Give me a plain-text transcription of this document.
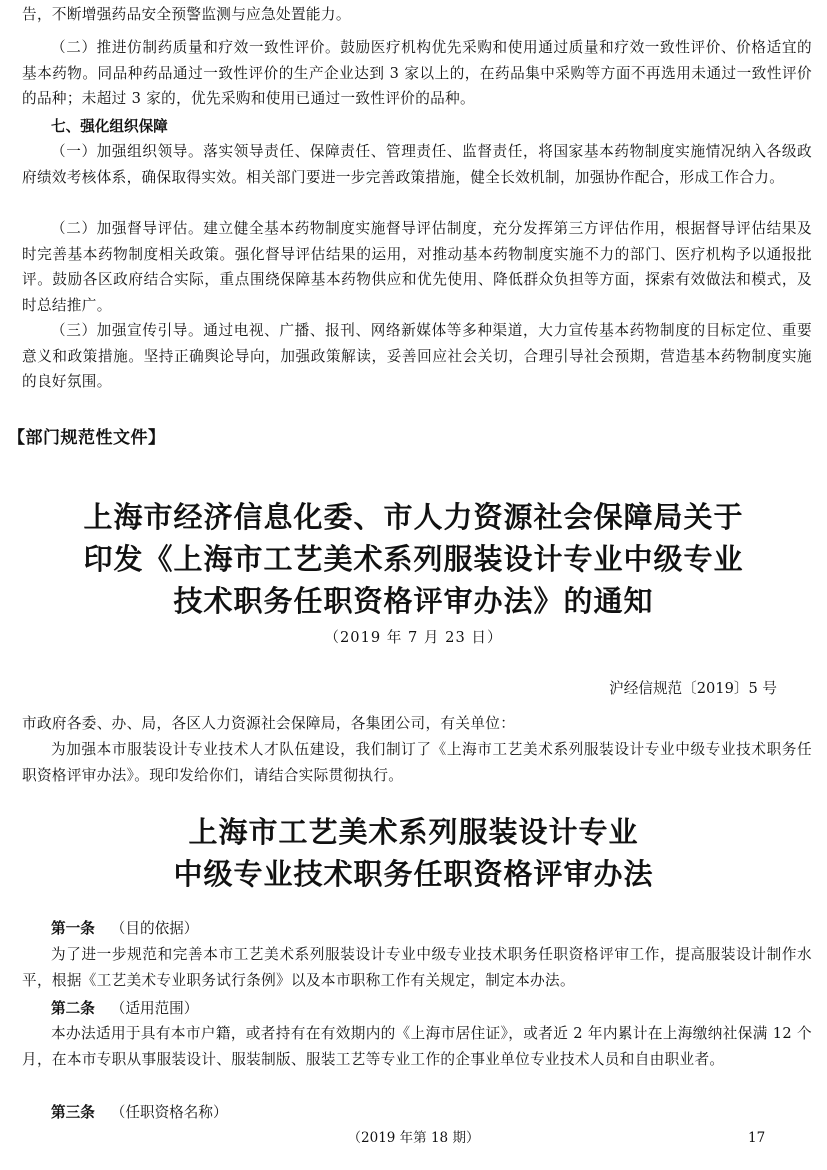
告，不断增强药品安全预警监测与应急处置能力。

（二）推进仿制药质量和疗效一致性评价。鼓励医疗机构优先采购和使用通过质量和疗效一致性评价、价格适宜的基本药物。同品种药品通过一致性评价的生产企业达到 3 家以上的，在药品集中采购等方面不再选用未通过一致性评价的品种；未超过 3 家的，优先采购和使用已通过一致性评价的品种。

七、强化组织保障

（一）加强组织领导。落实领导责任、保障责任、管理责任、监督责任，将国家基本药物制度实施情况纳入各级政府绩效考核体系，确保取得实效。相关部门要进一步完善政策措施，健全长效机制，加强协作配合，形成工作合力。

（二）加强督导评估。建立健全基本药物制度实施督导评估制度，充分发挥第三方评估作用，根据督导评估结果及时完善基本药物制度相关政策。强化督导评估结果的运用，对推动基本药物制度实施不力的部门、医疗机构予以通报批评。鼓励各区政府结合实际，重点围绕保障基本药物供应和优先使用、降低群众负担等方面，探索有效做法和模式，及时总结推广。

（三）加强宣传引导。通过电视、广播、报刊、网络新媒体等多种渠道，大力宣传基本药物制度的目标定位、重要意义和政策措施。坚持正确舆论导向，加强政策解读，妥善回应社会关切，合理引导社会预期，营造基本药物制度实施的良好氛围。

【部门规范性文件】

上海市经济信息化委、市人力资源社会保障局关于

印发《上海市工艺美术系列服装设计专业中级专业

技术职务任职资格评审办法》的通知

（2019 年 7 月 23 日）

沪经信规范〔2019〕5 号

市政府各委、办、局，各区人力资源社会保障局，各集团公司，有关单位：

为加强本市服装设计专业技术人才队伍建设，我们制订了《上海市工艺美术系列服装设计专业中级专业技术职务任职资格评审办法》。现印发给你们，请结合实际贯彻执行。

上海市工艺美术系列服装设计专业

中级专业技术职务任职资格评审办法

第一条 （目的依据）

为了进一步规范和完善本市工艺美术系列服装设计专业中级专业技术职务任职资格评审工作，提高服装设计制作水平，根据《工艺美术专业职务试行条例》以及本市职称工作有关规定，制定本办法。

第二条 （适用范围）

本办法适用于具有本市户籍，或者持有在有效期内的《上海市居住证》，或者近 2 年内累计在上海缴纳社保满 12 个月，在本市专职从事服装设计、服装制版、服装工艺等专业工作的企事业单位专业技术人员和自由职业者。

第三条 （任职资格名称）

（2019 年第 18 期）	17
